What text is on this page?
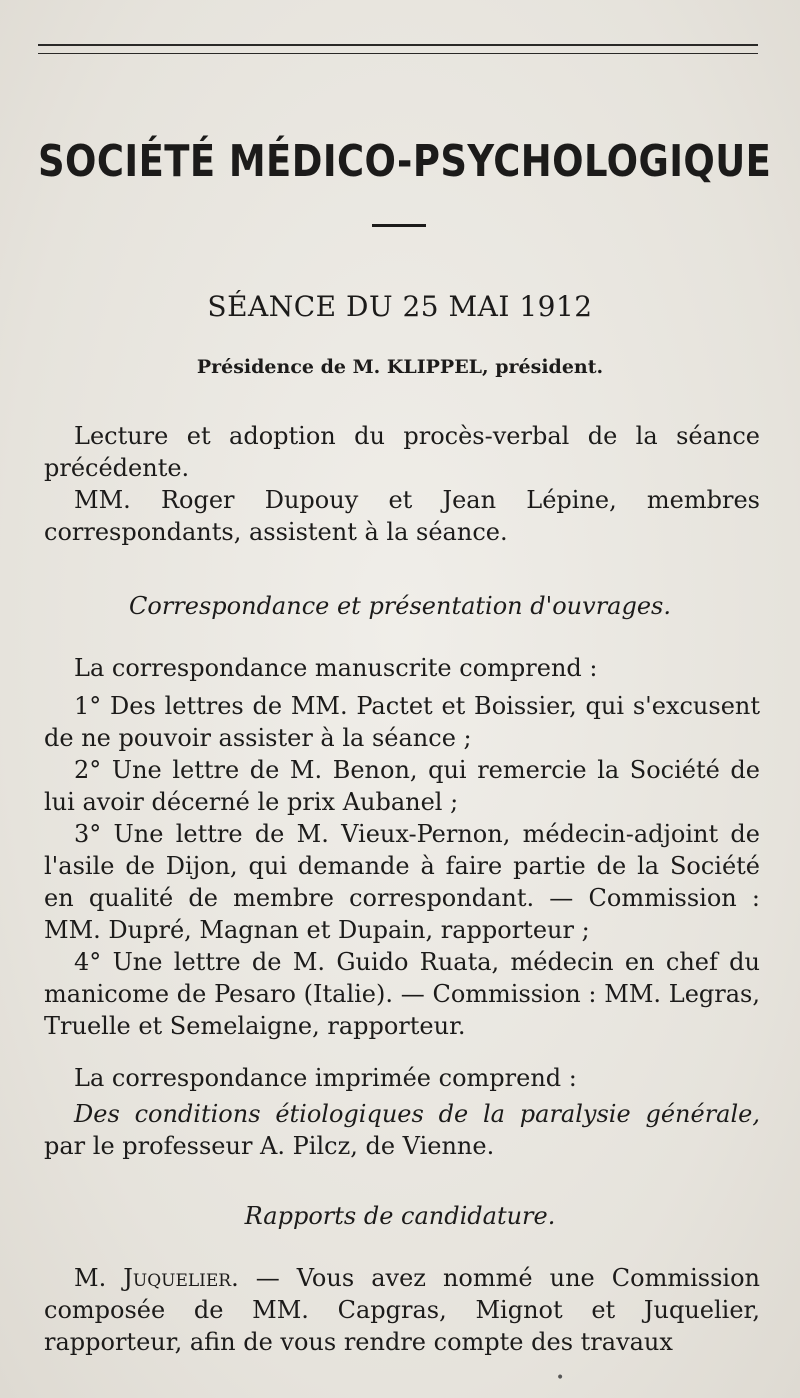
SOCIÉTÉ MÉDICO-PSYCHOLOGIQUE
SÉANCE DU 25 MAI 1912
Présidence de M. KLIPPEL, président.

Lecture et adoption du procès-verbal de la séance précédente.

MM. Roger Dupouy et Jean Lépine, membres correspondants, assistent à la séance.

Correspondance et présentation d'ouvrages.

La correspondance manuscrite comprend :

1° Des lettres de MM. Pactet et Boissier, qui s'excusent de ne pouvoir assister à la séance ;

2° Une lettre de M. Benon, qui remercie la Société de lui avoir décerné le prix Aubanel ;

3° Une lettre de M. Vieux-Pernon, médecin-adjoint de l'asile de Dijon, qui demande à faire partie de la Société en qualité de membre correspondant. — Commission : MM. Dupré, Magnan et Dupain, rapporteur ;

4° Une lettre de M. Guido Ruata, médecin en chef du manicome de Pesaro (Italie). — Commission : MM. Legras, Truelle et Semelaigne, rapporteur.

La correspondance imprimée comprend :

Des conditions étiologiques de la paralysie générale, par le professeur A. Pilcz, de Vienne.

Rapports de candidature.

M. Juquelier. — Vous avez nommé une Commission composée de MM. Capgras, Mignot et Juquelier, rapporteur, afin de vous rendre compte des travaux

•
